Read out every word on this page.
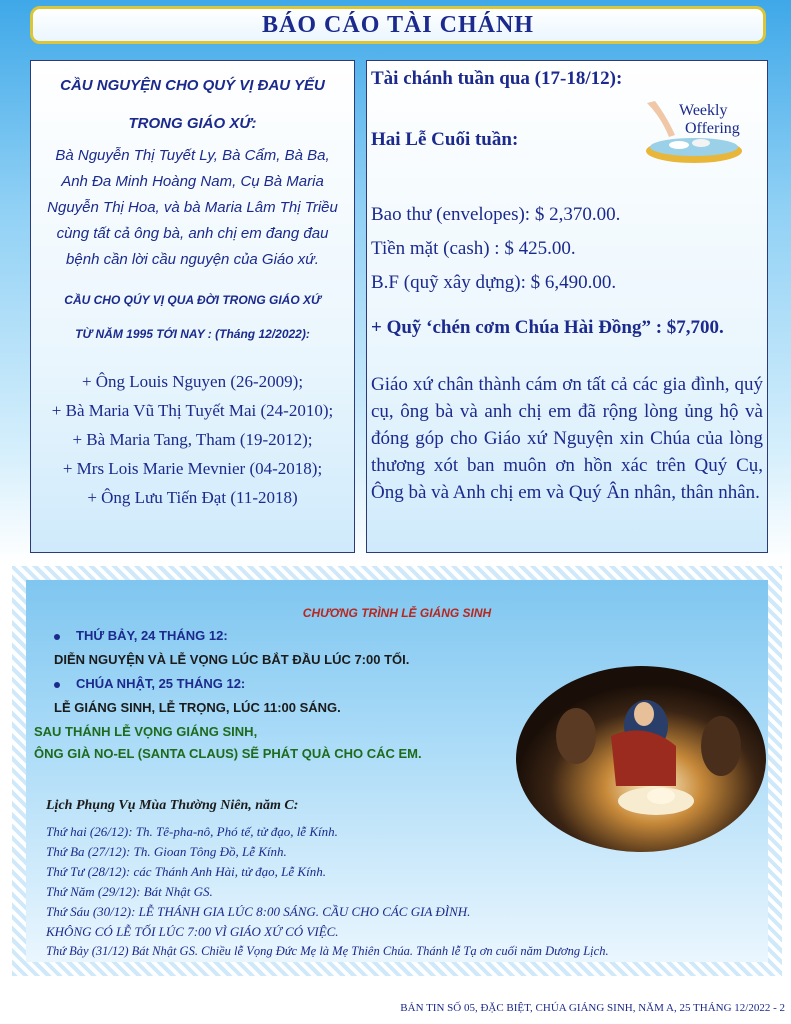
BÁO CÁO TÀI CHÁNH
CẦU NGUYỆN CHO QUÝ VỊ ĐAU YẾU
TRONG GIÁO XỨ:
Bà Nguyễn Thị Tuyết Ly, Bà Cẩm, Bà Ba,
Anh Đa Minh Hoàng Nam, Cụ Bà Maria
Nguyễn Thị Hoa, và bà Maria Lâm Thị Triều
cùng tất cả ông bà, anh chị em đang đau
bệnh cần lời cầu nguyện của Giáo xứ.
CẦU CHO QÚY VỊ QUA ĐỜI TRONG GIÁO XỨ
TỪ NĂM 1995 TỚI NAY : (Tháng 12/2022):
+ Ông Louis Nguyen (26-2009);
+ Bà Maria Vũ Thị Tuyết Mai (24-2010);
+ Bà Maria Tang, Tham (19-2012);
+ Mrs Lois Marie Mevnier (04-2018);
+ Ông Lưu Tiến Đạt (11-2018)
Tài chánh tuần qua (17-18/12):
Hai Lễ Cuối tuần:
Weekly
Offering
Bao thư (envelopes): $ 2,370.00.
Tiền mặt (cash) : $ 425.00.
B.F (quỹ xây dựng): $ 6,490.00.
+ Quỹ ‘chén cơm Chúa Hài Đồng” : $7,700.
Giáo xứ chân thành cám ơn tất cả các gia đình, quý cụ, ông bà và anh chị em đã rộng lòng ủng hộ và đóng góp cho Giáo xứ Nguyện xin Chúa của lòng thương xót ban muôn ơn hồn xác trên Quý Cụ, Ông bà và Anh chị em và Quý Ân nhân, thân nhân.
CHƯƠNG TRÌNH LỄ GIÁNG SINH
THỨ BẢY, 24 THÁNG 12:
DIỄN NGUYỆN VÀ LỄ VỌNG LÚC BẮT ĐẦU LÚC 7:00 TỐI.
CHÚA NHẬT, 25 THÁNG 12:
LỄ GIÁNG SINH, LỄ TRỌNG, LÚC 11:00 SÁNG.
SAU THÁNH LỄ VỌNG GIÁNG SINH,
ÔNG GIÀ NO-EL (SANTA CLAUS) SẼ PHÁT QUÀ CHO CÁC EM.
Lịch Phụng Vụ Mùa Thường Niên, năm C:
Thứ hai (26/12): Th. Tê-pha-nô, Phó tế, tử đạo, lễ Kính.
Thứ Ba (27/12): Th. Gioan Tông Đồ, Lễ Kính.
Thứ Tư (28/12): các Thánh Anh Hài, tử đạo, Lễ Kính.
Thứ Năm (29/12): Bát Nhật GS.
Thứ Sáu (30/12): LỄ THÁNH GIA LÚC 8:00 SÁNG. CẦU CHO CÁC GIA ĐÌNH.
KHÔNG CÓ LỄ TỐI LÚC 7:00 VÌ GIÁO XỨ CÓ VIỆC.
Thứ Bảy (31/12) Bát Nhật GS. Chiều lễ Vọng Đức Mẹ là Mẹ Thiên Chúa. Thánh lễ Tạ ơn cuối năm Dương Lịch.
BẢN TIN SỐ 05, ĐẶC BIỆT, CHÚA GIÁNG SINH, NĂM A, 25 THÁNG 12/2022 - 2
